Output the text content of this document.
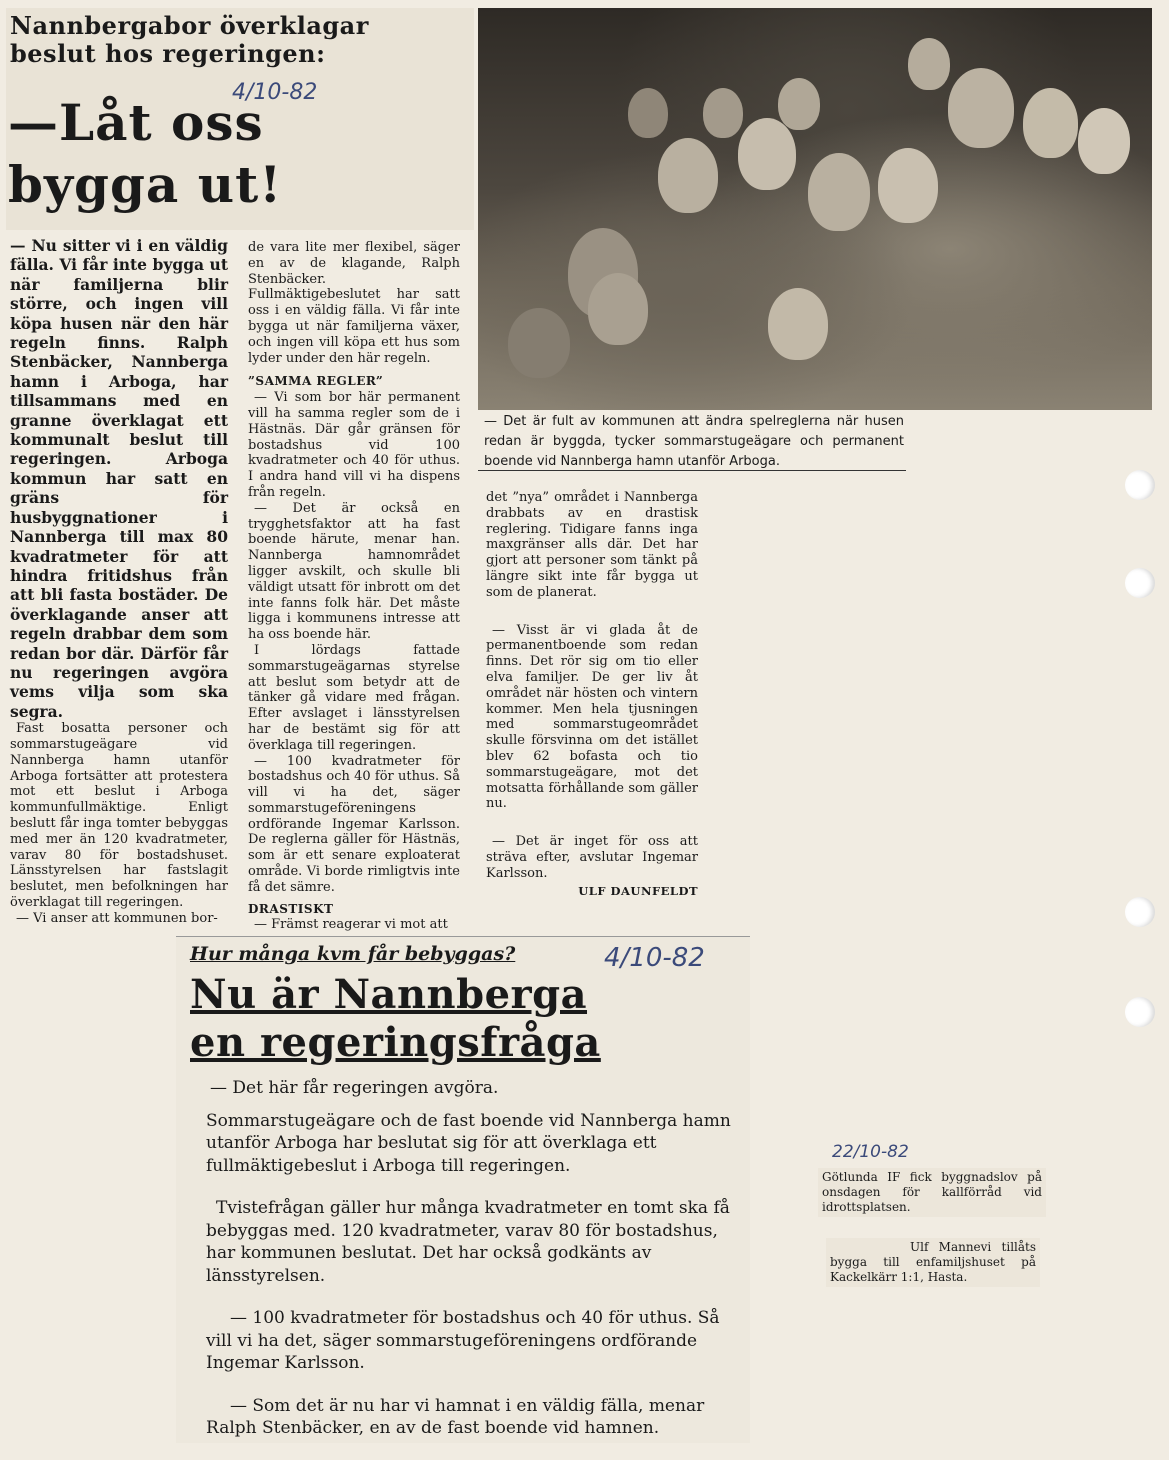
Nannbergabor överklagar
beslut hos regeringen:
4/10-82
—Låt oss
bygga ut!
— Det är fult av kommunen att ändra spelreglerna när husen redan är byggda, tycker sommarstugeägare och permanent boende vid Nannberga hamn utanför Arboga.

— Nu sitter vi i en väldig fälla. Vi får inte bygga ut när familjerna blir större, och ingen vill köpa husen när den här regeln finns. Ralph Stenbäcker, Nannberga hamn i Arboga, har tillsammans med en granne överklagat ett kommunalt beslut till regeringen. Arboga kommun har satt en gräns för husbyggnationer i Nannberga till max 80 kvadratmeter för att hindra fritidshus från att bli fasta bostäder. De överklagande anser att regeln drabbar dem som redan bor där. Därför får nu regeringen avgöra vems vilja som ska segra.

Fast bosatta personer och sommarstugeägare vid Nannberga hamn utanför Arboga fortsätter att protestera mot ett beslut i Arboga kommunfullmäktige. Enligt beslutt får inga tomter bebyggas med mer än 120 kvadratmeter, varav 80 för bostadshuset. Länsstyrelsen har fastslagit beslutet, men befolkningen har överklagat till regeringen.

— Vi anser att kommunen bor-

de vara lite mer flexibel, säger en av de klagande, Ralph Stenbäcker. Fullmäktigebeslutet har satt oss i en väldig fälla. Vi får inte bygga ut när familjerna växer, och ingen vill köpa ett hus som lyder under den här regeln.

”SAMMA REGLER”

— Vi som bor här permanent vill ha samma regler som de i Hästnäs. Där går gränsen för bostadshus vid 100 kvadratmeter och 40 för uthus. I andra hand vill vi ha dispens från regeln.

— Det är också en trygghetsfaktor att ha fast boende härute, menar han. Nannberga hamnområdet ligger avskilt, och skulle bli väldigt utsatt för inbrott om det inte fanns folk här. Det måste ligga i kommunens intresse att ha oss boende här.

I lördags fattade sommarstugeägarnas styrelse att beslut som betydr att de tänker gå vidare med frågan. Efter avslaget i länsstyrelsen har de bestämt sig för att överklaga till regeringen.

— 100 kvadratmeter för bostadshus och 40 för uthus. Så vill vi ha det, säger sommarstugeföreningens ordförande Ingemar Karlsson. De reglerna gäller för Hästnäs, som är ett senare exploaterat område. Vi borde rimligtvis inte få det sämre.

DRASTISKT

— Främst reagerar vi mot att

det ”nya” området i Nannberga drabbats av en drastisk reglering. Tidigare fanns inga maxgränser alls där. Det har gjort att personer som tänkt på längre sikt inte får bygga ut som de planerat.

— Visst är vi glada åt de permanentboende som redan finns. Det rör sig om tio eller elva familjer. De ger liv åt området när hösten och vintern kommer. Men hela tjusningen med sommarstugeområdet skulle försvinna om det istället blev 62 bofasta och tio sommarstugeägare, mot det motsatta förhållande som gäller nu.

— Det är inget för oss att sträva efter, avslutar Ingemar Karlsson.

ULF DAUNFELDT

Hur många kvm får bebyggas?	4/10-82
Nu är Nannberga
en regeringsfråga

— Det här får regeringen avgöra.

Sommarstugeägare och de fast boende vid Nannberga hamn utanför Arboga har beslutat sig för att överklaga ett fullmäktigebeslut i Arboga till regeringen.

Tvistefrågan gäller hur många kvadratmeter en tomt ska få bebyggas med. 120 kvadratmeter, varav 80 för bostadshus, har kommunen beslutat. Det har också godkänts av länsstyrelsen.

— 100 kvadratmeter för bostadshus och 40 för uthus. Så vill vi ha det, säger sommarstugeföreningens ordförande Ingemar Karlsson.

— Som det är nu har vi hamnat i en väldig fälla, menar Ralph Stenbäcker, en av de fast boende vid hamnen.

22/10-82

Götlunda IF fick byggnadslov på onsdagen för kallförråd vid idrottsplatsen.

Ulf Mannevi tillåts bygga till enfamiljshuset på Kackelkärr 1:1, Hasta.
